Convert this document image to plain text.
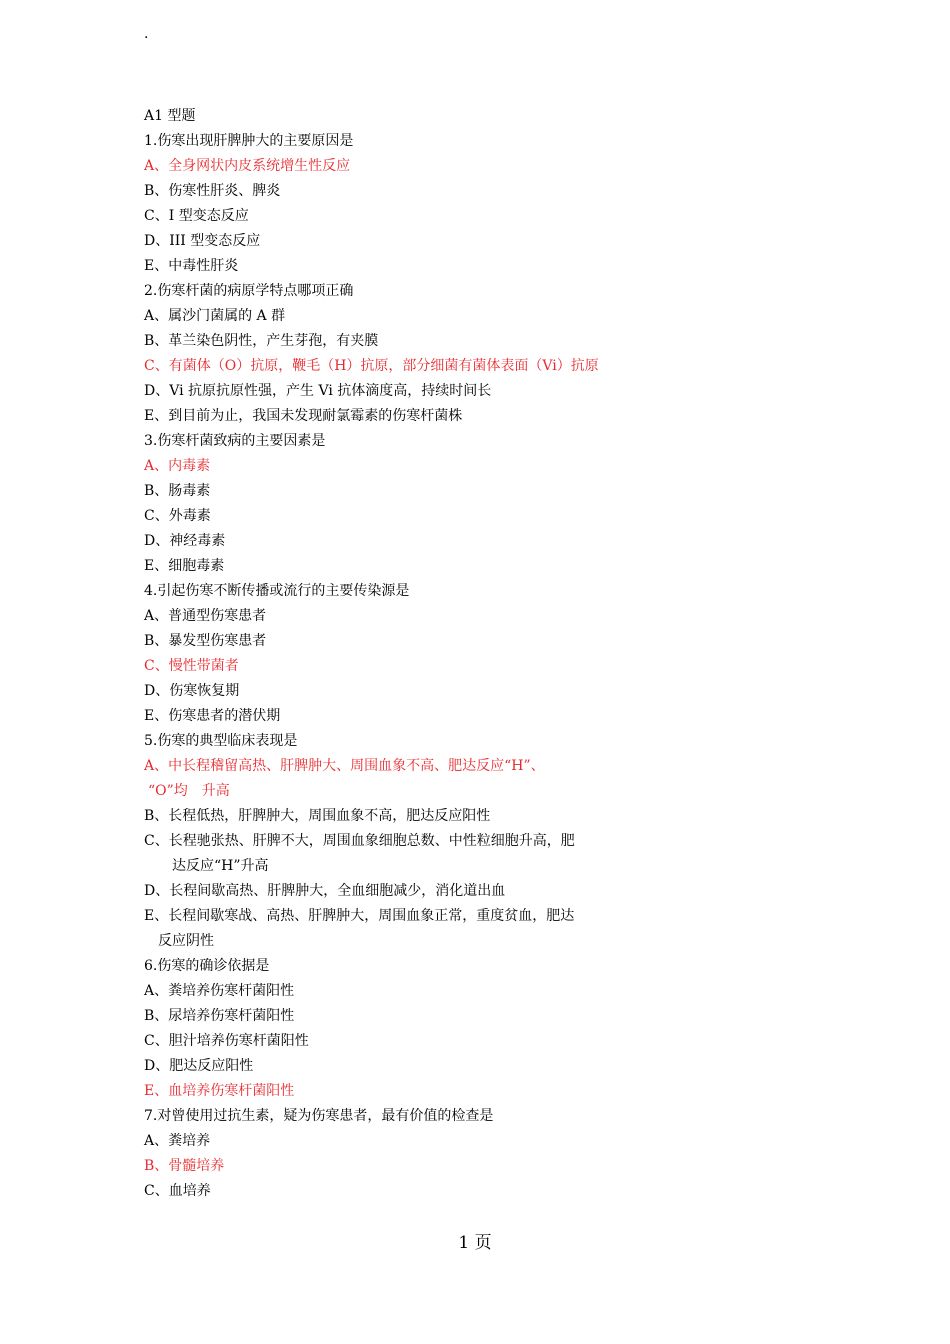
.
A1 型题
1.伤寒出现肝脾肿大的主要原因是
A、全身网状内皮系统增生性反应
B、伤寒性肝炎、脾炎
C、I 型变态反应
D、III 型变态反应
E、中毒性肝炎
2.伤寒杆菌的病原学特点哪项正确
A、属沙门菌属的 A 群
B、革兰染色阴性，产生芽孢，有夹膜
C、有菌体（O）抗原，鞭毛（H）抗原，部分细菌有菌体表面（Vi）抗原
D、Vi 抗原抗原性强，产生 Vi 抗体滴度高，持续时间长
E、到目前为止，我国未发现耐氯霉素的伤寒杆菌株
3.伤寒杆菌致病的主要因素是
A、内毒素
B、肠毒素
C、外毒素
D、神经毒素
E、细胞毒素
4.引起伤寒不断传播或流行的主要传染源是
A、普通型伤寒患者
B、暴发型伤寒患者
C、慢性带菌者
D、伤寒恢复期
E、伤寒患者的潜伏期
5.伤寒的典型临床表现是
A、中长程稽留高热、肝脾肿大、周围血象不高、肥达反应“H”、
“O”均　升高
B、长程低热，肝脾肿大，周围血象不高，肥达反应阳性
C、长程驰张热、肝脾不大，周围血象细胞总数、中性粒细胞升高，肥
达反应“H”升高
D、长程间歇高热、肝脾肿大，全血细胞减少，消化道出血
E、长程间歇寒战、高热、肝脾肿大，周围血象正常，重度贫血，肥达
反应阴性
6.伤寒的确诊依据是
A、粪培养伤寒杆菌阳性
B、尿培养伤寒杆菌阳性
C、胆汁培养伤寒杆菌阳性
D、肥达反应阳性
E、血培养伤寒杆菌阳性
7.对曾使用过抗生素，疑为伤寒患者，最有价值的检查是
A、粪培养
B、骨髓培养
C、血培养
1 页
